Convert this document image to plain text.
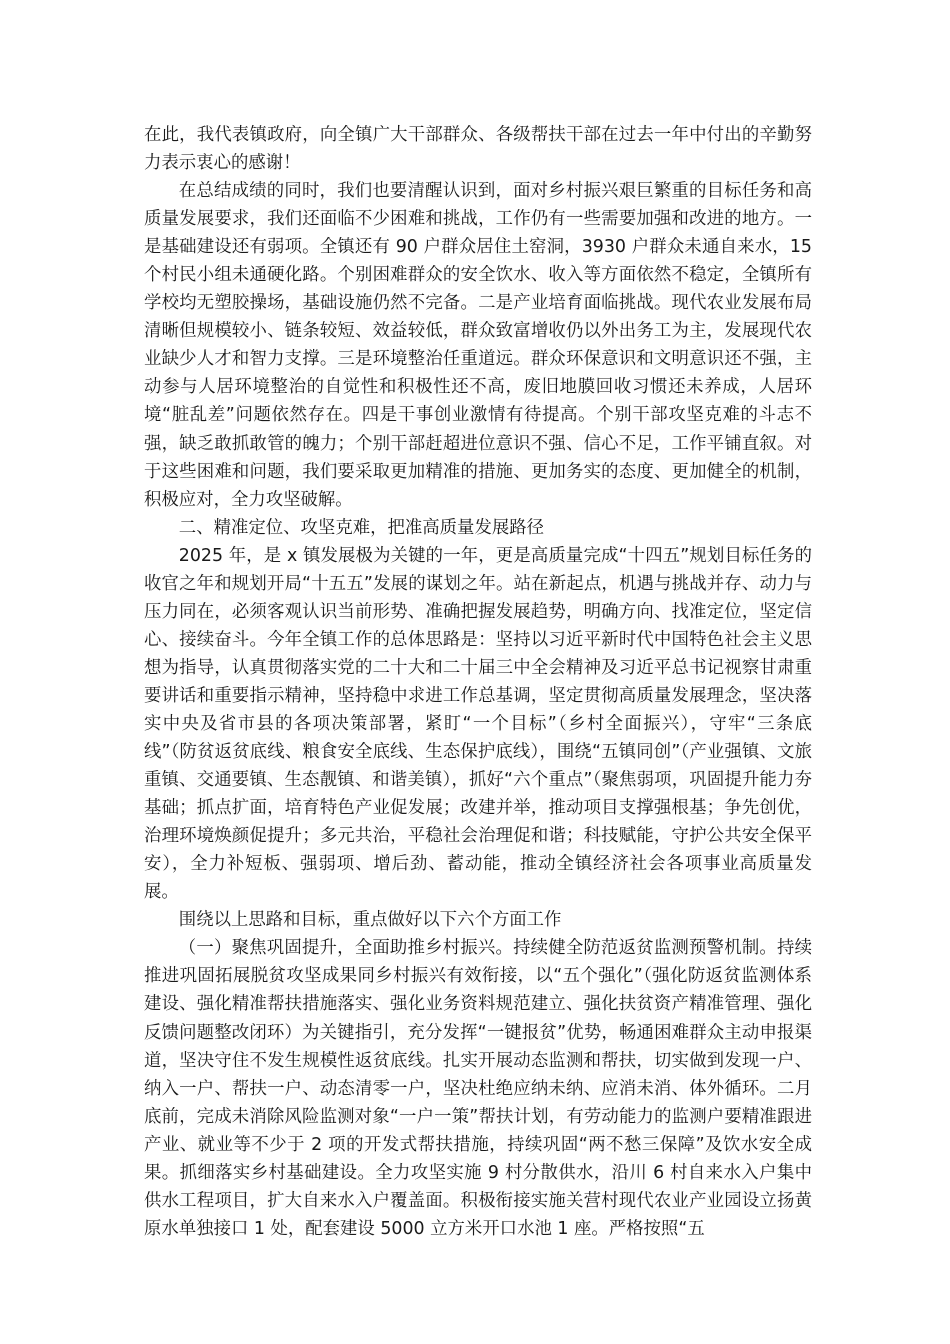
在此，我代表镇政府，向全镇广大干部群众、各级帮扶干部在过去一年中付出的辛勤努力表示衷心的感谢！

在总结成绩的同时，我们也要清醒认识到，面对乡村振兴艰巨繁重的目标任务和高质量发展要求，我们还面临不少困难和挑战，工作仍有一些需要加强和改进的地方。一是基础建设还有弱项。全镇还有 90 户群众居住土窑洞，3930 户群众未通自来水，15 个村民小组未通硬化路。个别困难群众的安全饮水、收入等方面依然不稳定，全镇所有学校均无塑胶操场，基础设施仍然不完备。二是产业培育面临挑战。现代农业发展布局清晰但规模较小、链条较短、效益较低，群众致富增收仍以外出务工为主，发展现代农业缺少人才和智力支撑。三是环境整治任重道远。群众环保意识和文明意识还不强，主动参与人居环境整治的自觉性和积极性还不高，废旧地膜回收习惯还未养成，人居环境“脏乱差”问题依然存在。四是干事创业激情有待提高。个别干部攻坚克难的斗志不强，缺乏敢抓敢管的魄力；个别干部赶超进位意识不强、信心不足，工作平铺直叙。对于这些困难和问题，我们要采取更加精准的措施、更加务实的态度、更加健全的机制，积极应对，全力攻坚破解。

二、精准定位、攻坚克难，把准高质量发展路径

2025 年，是 x 镇发展极为关键的一年，更是高质量完成“十四五”规划目标任务的收官之年和规划开局“十五五”发展的谋划之年。站在新起点，机遇与挑战并存、动力与压力同在，必须客观认识当前形势、准确把握发展趋势，明确方向、找准定位，坚定信心、接续奋斗。今年全镇工作的总体思路是：坚持以习近平新时代中国特色社会主义思想为指导，认真贯彻落实党的二十大和二十届三中全会精神及习近平总书记视察甘肃重要讲话和重要指示精神，坚持稳中求进工作总基调，坚定贯彻高质量发展理念，坚决落实中央及省市县的各项决策部署，紧盯“一个目标”（乡村全面振兴），守牢“三条底线”（防贫返贫底线、粮食安全底线、生态保护底线），围绕“五镇同创”（产业强镇、文旅重镇、交通要镇、生态靓镇、和谐美镇），抓好“六个重点”（聚焦弱项，巩固提升能力夯基础；抓点扩面，培育特色产业促发展；改建并举，推动项目支撑强根基；争先创优，治理环境焕颜促提升；多元共治，平稳社会治理促和谐；科技赋能，守护公共安全保平安），全力补短板、强弱项、增后劲、蓄动能，推动全镇经济社会各项事业高质量发展。

围绕以上思路和目标，重点做好以下六个方面工作

（一）聚焦巩固提升，全面助推乡村振兴。持续健全防范返贫监测预警机制。持续推进巩固拓展脱贫攻坚成果同乡村振兴有效衔接，以“五个强化”（强化防返贫监测体系建设、强化精准帮扶措施落实、强化业务资料规范建立、强化扶贫资产精准管理、强化反馈问题整改闭环）为关键指引，充分发挥“一键报贫”优势，畅通困难群众主动申报渠道，坚决守住不发生规模性返贫底线。扎实开展动态监测和帮扶，切实做到发现一户、纳入一户、帮扶一户、动态清零一户，坚决杜绝应纳未纳、应消未消、体外循环。二月底前，完成未消除风险监测对象“一户一策”帮扶计划，有劳动能力的监测户要精准跟进产业、就业等不少于 2 项的开发式帮扶措施，持续巩固“两不愁三保障”及饮水安全成果。抓细落实乡村基础建设。全力攻坚实施 9 村分散供水，沿川 6 村自来水入户集中供水工程项目，扩大自来水入户覆盖面。积极衔接实施关营村现代农业产业园设立扬黄原水单独接口 1 处，配套建设 5000 立方米开口水池 1 座。严格按照“五
